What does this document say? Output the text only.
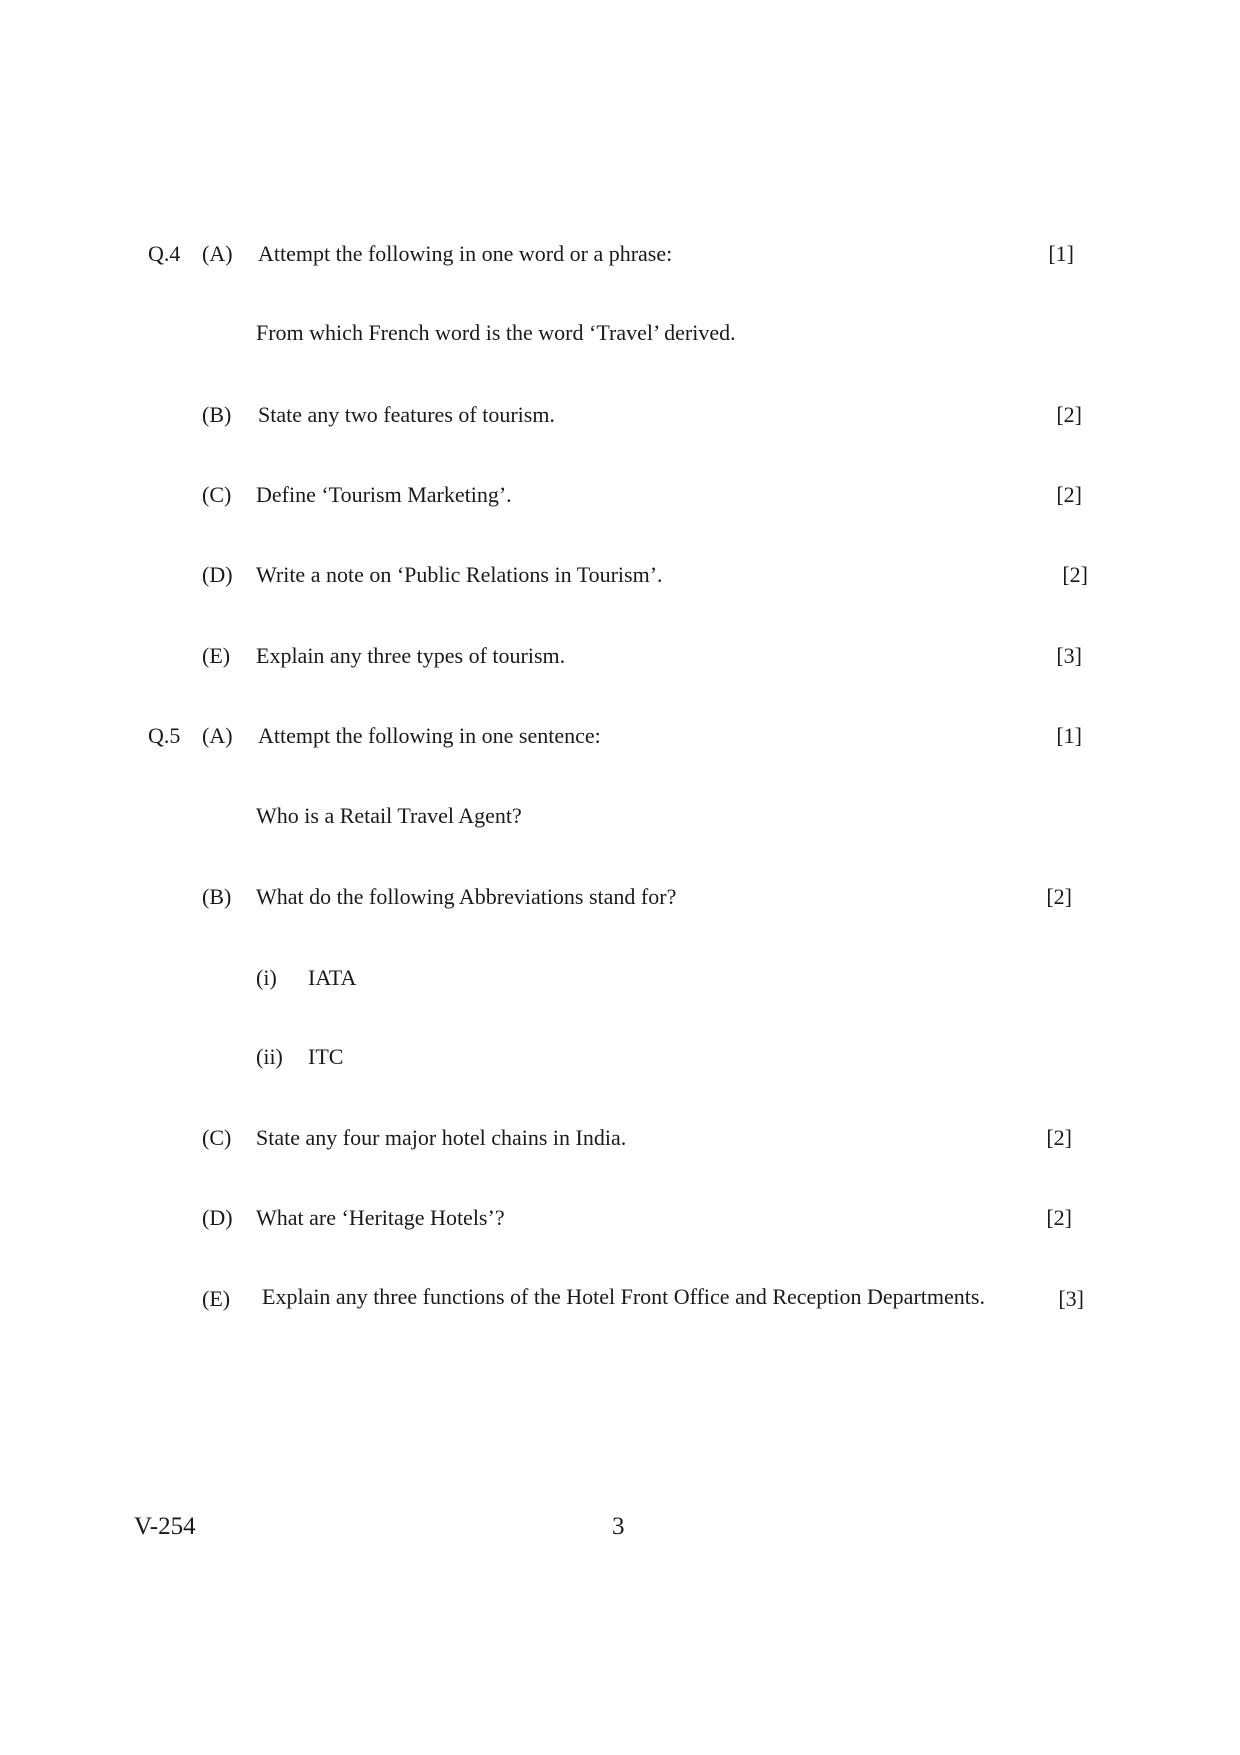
Q.4 (A) Attempt the following in one word or a phrase:	[1]
From which French word is the word ‘Travel’ derived.
(B) State any two features of tourism.	[2]
(C) Define ‘Tourism Marketing’.	[2]
(D) Write a note on ‘Public Relations in Tourism’.	[2]
(E) Explain any three types of tourism.	[3]
Q.5 (A) Attempt the following in one sentence:	[1]
Who is a Retail Travel Agent?
(B) What do the following Abbreviations stand for?	[2]
(i) IATA
(ii) ITC
(C) State any four major hotel chains in India.	[2]
(D) What are ‘Heritage Hotels’?	[2]
(E) Explain any three functions of the Hotel Front Office and Reception Departments.	[3]
V-254	3
